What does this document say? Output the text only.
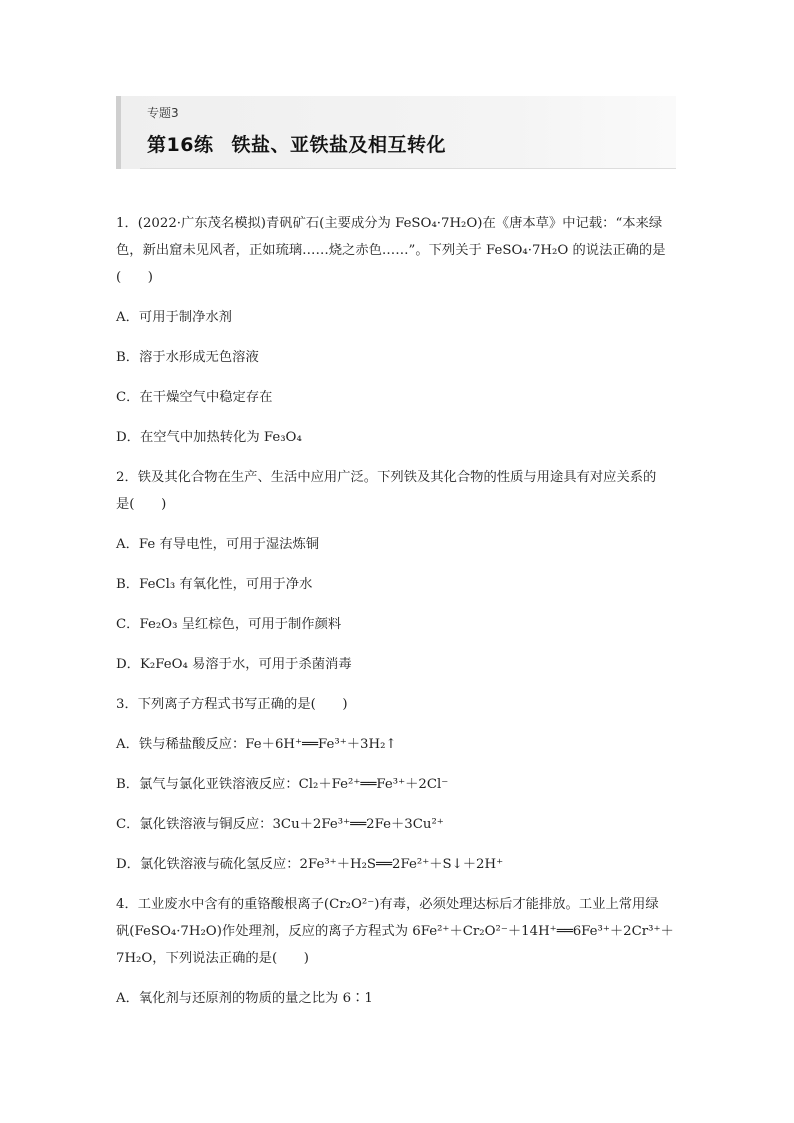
专题3
第16练 铁盐、亚铁盐及相互转化

1．(2022·广东茂名模拟)青矾矿石(主要成分为 FeSO₄·7H₂O)在《唐本草》中记载：“本来绿

色，新出窟未见风者，正如琉璃……烧之赤色……”。下列关于 FeSO₄·7H₂O 的说法正确的是

(　　)

A．可用于制净水剂

B．溶于水形成无色溶液

C．在干燥空气中稳定存在

D．在空气中加热转化为 Fe₃O₄

2．铁及其化合物在生产、生活中应用广泛。下列铁及其化合物的性质与用途具有对应关系的

是(　　)

A．Fe 有导电性，可用于湿法炼铜

B．FeCl₃ 有氧化性，可用于净水

C．Fe₂O₃ 呈红棕色，可用于制作颜料

D．K₂FeO₄ 易溶于水，可用于杀菌消毒

3．下列离子方程式书写正确的是(　　)

A．铁与稀盐酸反应：Fe＋6H⁺══Fe³⁺＋3H₂↑

B．氯气与氯化亚铁溶液反应：Cl₂＋Fe²⁺══Fe³⁺＋2Cl⁻

C．氯化铁溶液与铜反应：3Cu＋2Fe³⁺══2Fe＋3Cu²⁺

D．氯化铁溶液与硫化氢反应：2Fe³⁺＋H₂S══2Fe²⁺＋S↓＋2H⁺

4．工业废水中含有的重铬酸根离子(Cr₂O²⁻)有毒，必须处理达标后才能排放。工业上常用绿

矾(FeSO₄·7H₂O)作处理剂，反应的离子方程式为 6Fe²⁺＋Cr₂O²⁻＋14H⁺══6Fe³⁺＋2Cr³⁺＋

7H₂O，下列说法正确的是(　　)

A．氧化剂与还原剂的物质的量之比为 6∶1
